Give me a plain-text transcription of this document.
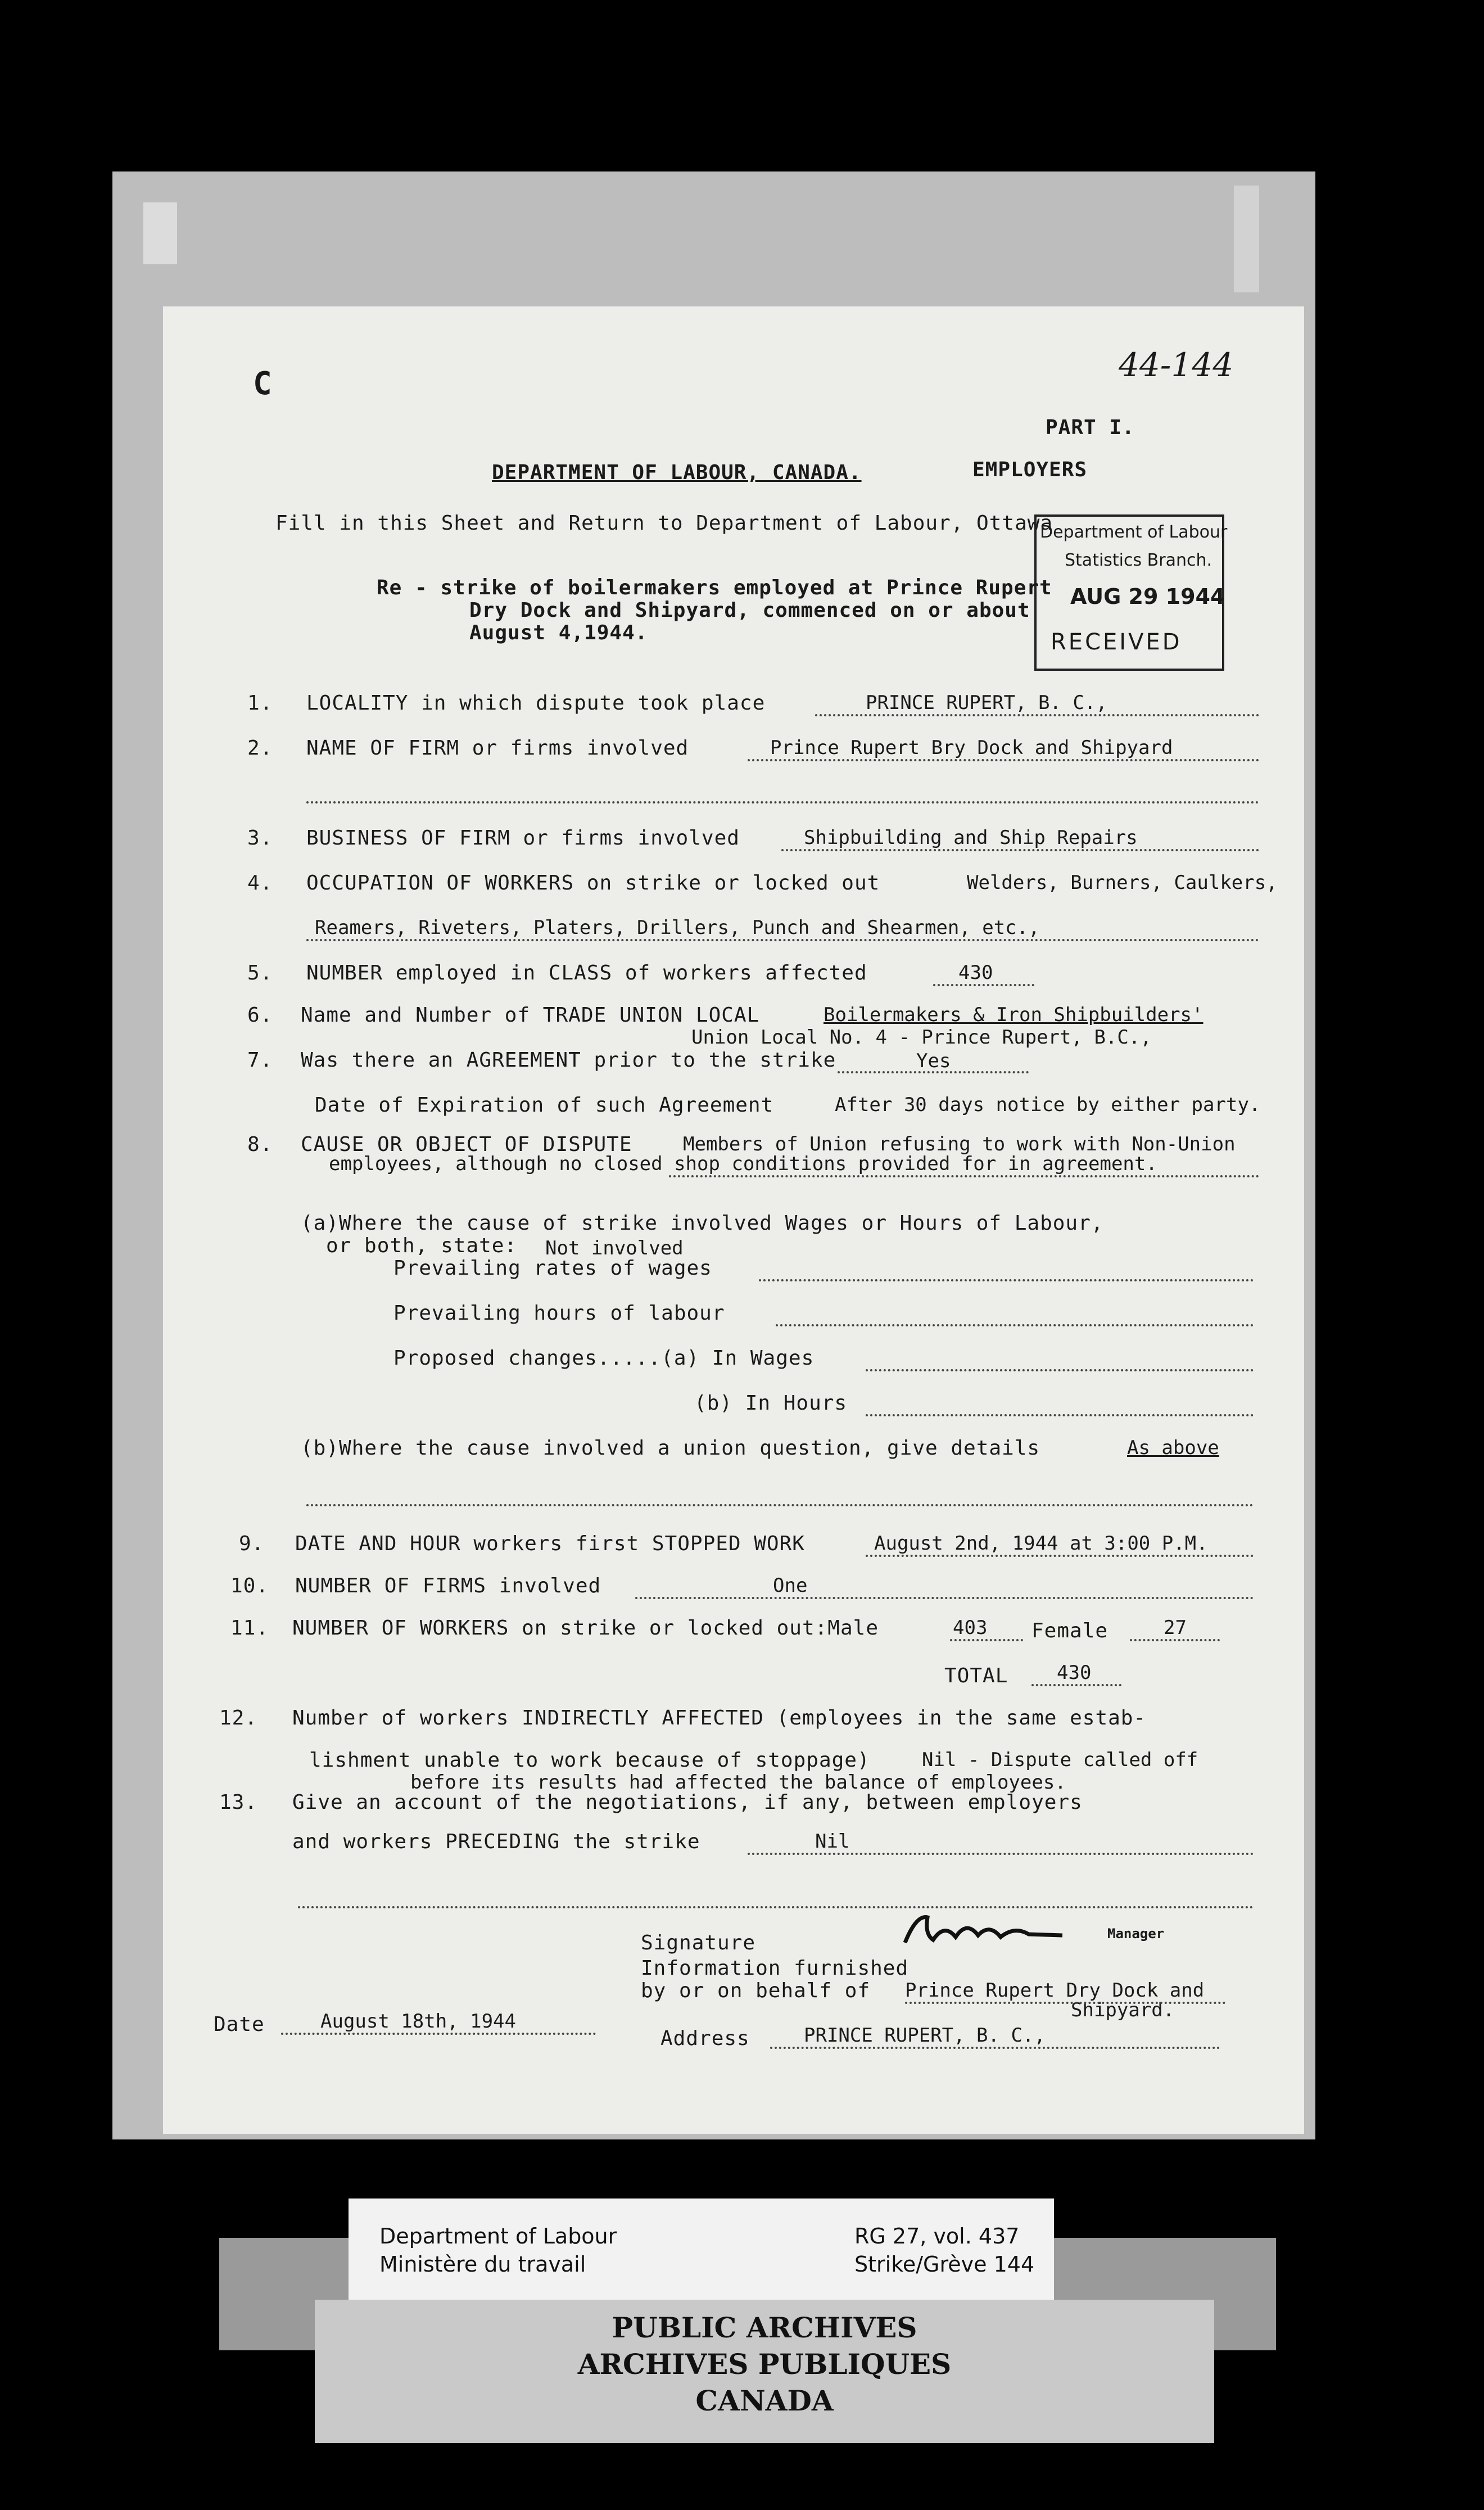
44-144
C
PART I.
DEPARTMENT OF LABOUR, CANADA.	EMPLOYERS
Fill in this Sheet and Return to Department of Labour, Ottawa
Department of Labour
Statistics Branch.
AUG 29 1944
RECEIVED
Re - strike of boilermakers employed at Prince Rupert
Dry Dock and Shipyard, commenced on or about
August 4,1944.
1. LOCALITY in which dispute took place	PRINCE RUPERT, B. C.,
2. NAME OF FIRM or firms involved	Prince Rupert Bry Dock and Shipyard
3. BUSINESS OF FIRM or firms involved	Shipbuilding and Ship Repairs
4. OCCUPATION OF WORKERS on strike or locked out	Welders, Burners, Caulkers,
Reamers, Riveters, Platers, Drillers, Punch and Shearmen, etc.,
5. NUMBER employed in CLASS of workers affected	430
6. Name and Number of TRADE UNION LOCAL	Boilermakers & Iron Shipbuilders'
Union Local No. 4 - Prince Rupert, B.C.,
7. Was there an AGREEMENT prior to the strike	Yes
Date of Expiration of such Agreement	After 30 days notice by either party.
8. CAUSE OR OBJECT OF DISPUTE	Members of Union refusing to work with Non-Union
employees, although no closed shop conditions provided for in agreement.
(a)Where the cause of strike involved Wages or Hours of Labour,
or both, state: Not involved
Prevailing rates of wages
Prevailing hours of labour
Proposed changes.....(a) In Wages
(b) In Hours
(b)Where the cause involved a union question, give details	As above
9. DATE AND HOUR workers first STOPPED WORK	August 2nd, 1944 at 3:00 P.M.
10. NUMBER OF FIRMS involved	One
11. NUMBER OF WORKERS on strike or locked out:Male	403 Female	27
TOTAL	430
12. Number of workers INDIRECTLY AFFECTED (employees in the same estab-
lishment unable to work because of stoppage)	Nil - Dispute called off
before its results had affected the balance of employees.
13. Give an account of the negotiations, if any, between employers
and workers PRECEDING the strike	Nil
Signature	Manager
Information furnished
by or on behalf of Prince Rupert Dry Dock and
Shipyard.
Date	August 18th, 1944
Address	PRINCE RUPERT, B. C.,
Department of Labour
Ministère du travail
RG 27, vol. 437
Strike/Grève 144
PUBLIC ARCHIVES
ARCHIVES PUBLIQUES
CANADA
